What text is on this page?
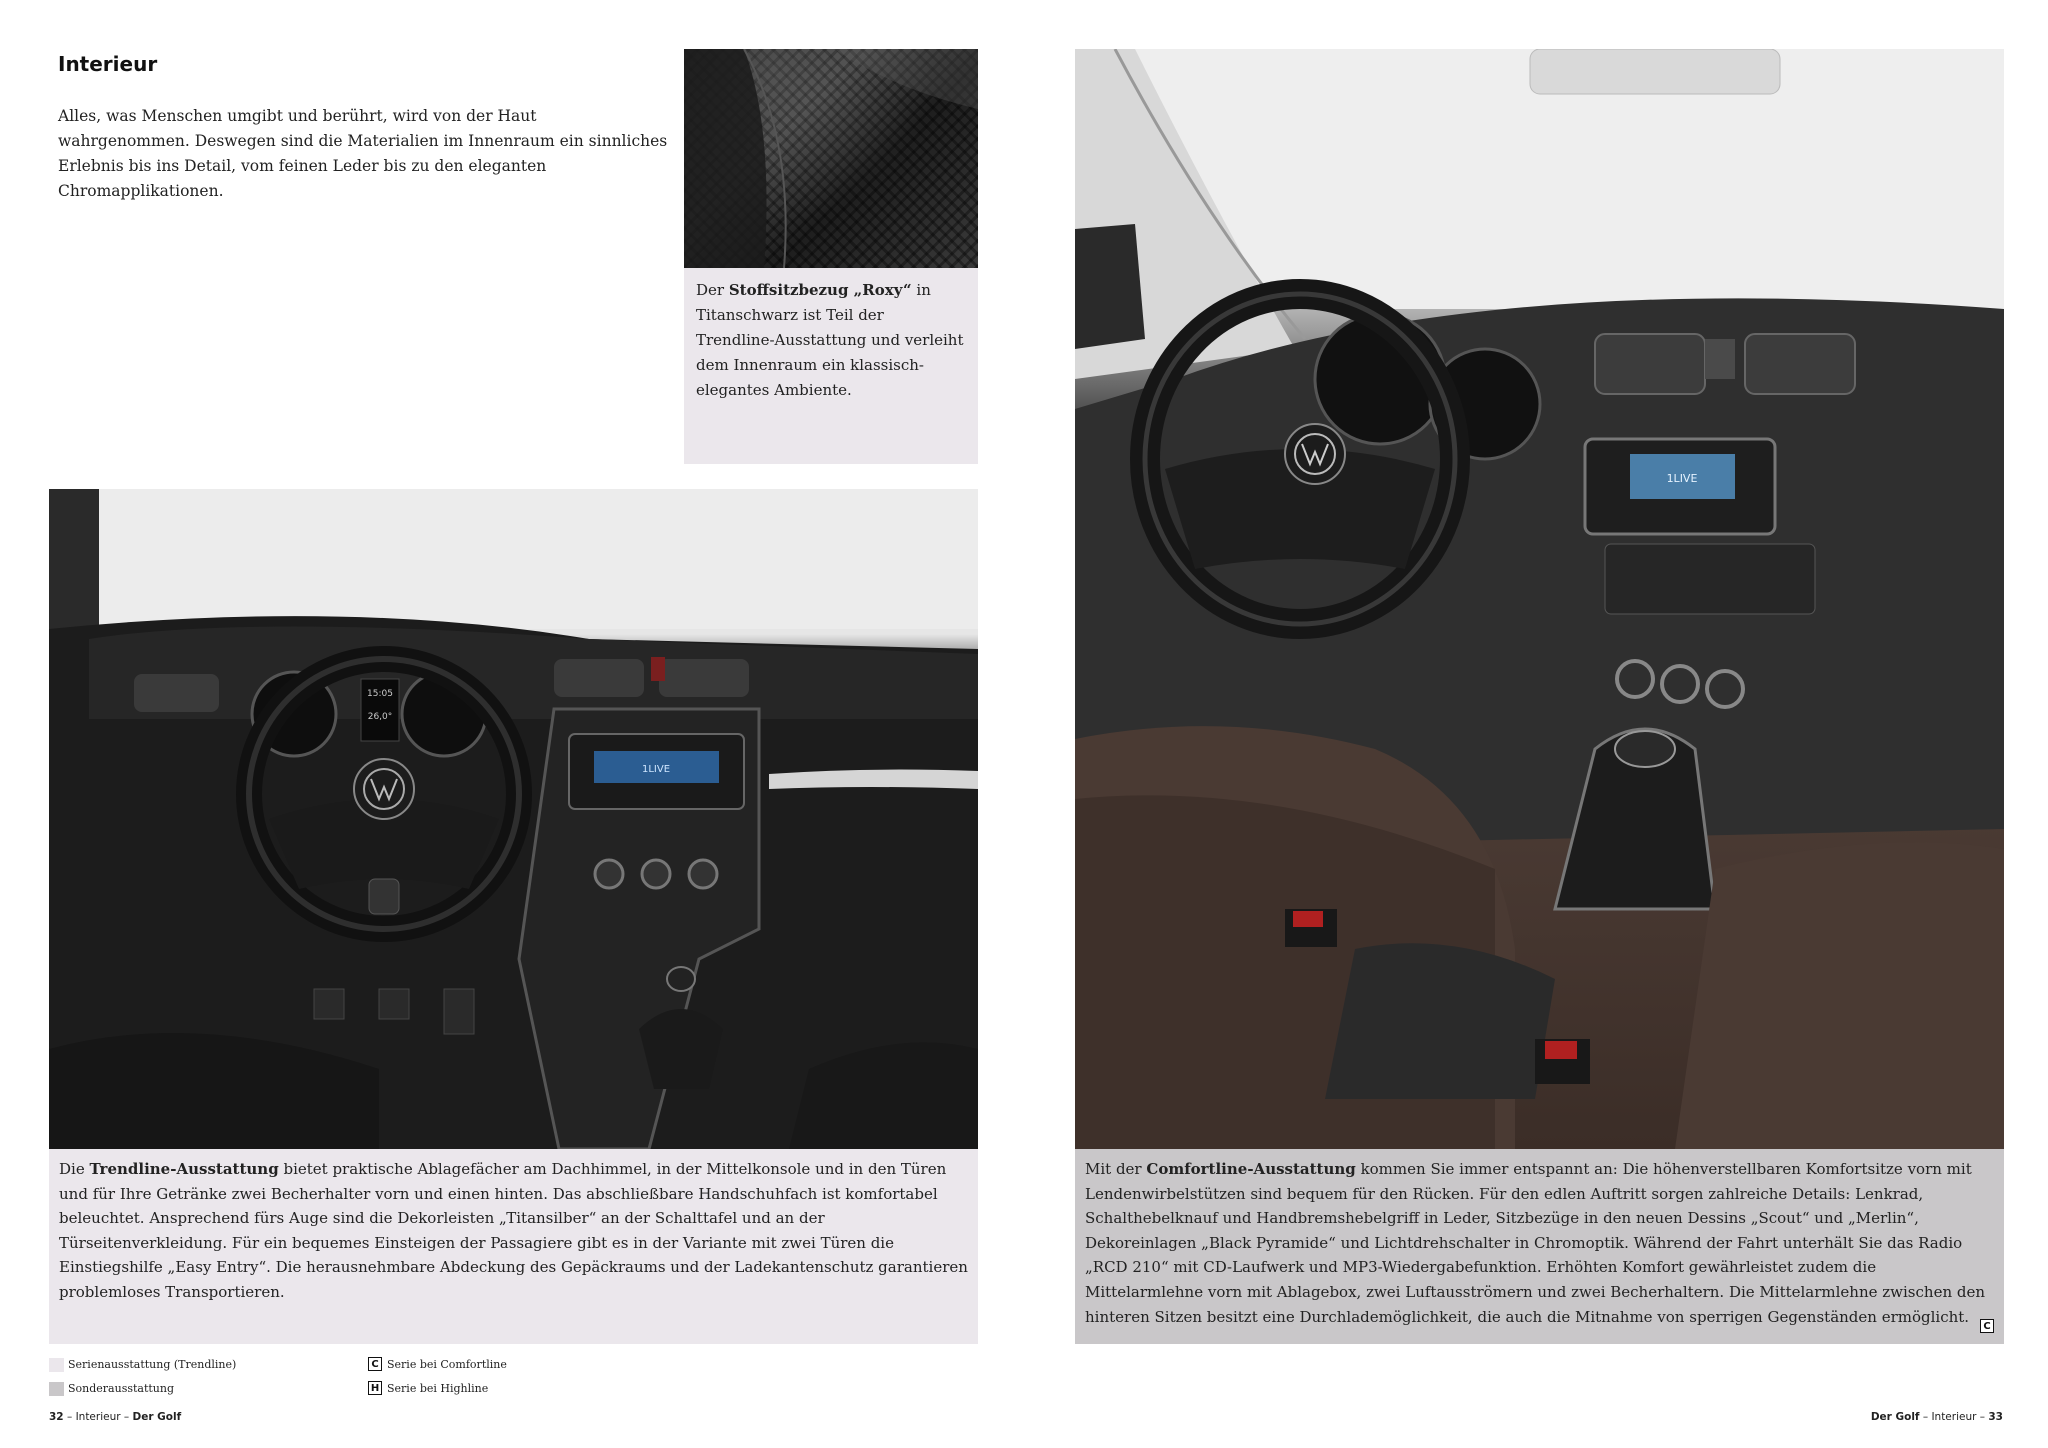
Interieur

Alles, was Menschen umgibt und berührt, wird von der Haut wahrgenommen. Deswegen sind die Materialien im Innenraum ein sinnliches Erlebnis bis ins Detail, vom feinen Leder bis zu den eleganten Chromapplikationen.

Der Stoffsitzbezug „Roxy“ in Titanschwarz ist Teil der Trendline-Ausstattung und verleiht dem Innenraum ein klassisch-elegantes Ambiente.
15:05
26,0°
1LIVE
Die Trendline-Ausstattung bietet praktische Ablagefächer am Dachhimmel, in der Mittelkonsole und in den Türen und für Ihre Getränke zwei Becherhalter vorn und einen hinten. Das abschließbare Handschuhfach ist komfortabel beleuchtet. Ansprechend fürs Auge sind die Dekorleisten „Titansilber“ an der Schalttafel und an der Türseitenverkleidung. Für ein bequemes Einsteigen der Passagiere gibt es in der Variante mit zwei Türen die Einstiegshilfe „Easy Entry“. Die herausnehmbare Abdeckung des Gepäckraums und der Ladekantenschutz garantieren problemloses Transportieren.
1LIVE
Mit der Comfortline-Ausstattung kommen Sie immer entspannt an: Die höhenverstellbaren Komfortsitze vorn mit Lendenwirbelstützen sind bequem für den Rücken. Für den edlen Auftritt sorgen zahlreiche Details: Lenkrad, Schalthebelknauf und Handbremshebelgriff in Leder, Sitzbezüge in den neuen Dessins „Scout“ und „Merlin“, Dekoreinlagen „Black Pyramide“ und Lichtdrehschalter in Chromoptik. Während der Fahrt unterhält Sie das Radio „RCD 210“ mit CD-Laufwerk und MP3-Wiedergabefunktion. Erhöhten Komfort gewährleistet zudem die Mittelarmlehne vorn mit Ablagebox, zwei Luftausströmern und zwei Becherhaltern. Die Mittelarmlehne zwischen den hinteren Sitzen besitzt eine Durchlademöglichkeit, die auch die Mitnahme von sperrigen Gegenständen ermöglicht.
C
Serienausstattung (Trendline)
Sonderausstattung
C Serie bei Comfortline
H Serie bei Highline
32 – Interieur – Der Golf	Der Golf – Interieur – 33
